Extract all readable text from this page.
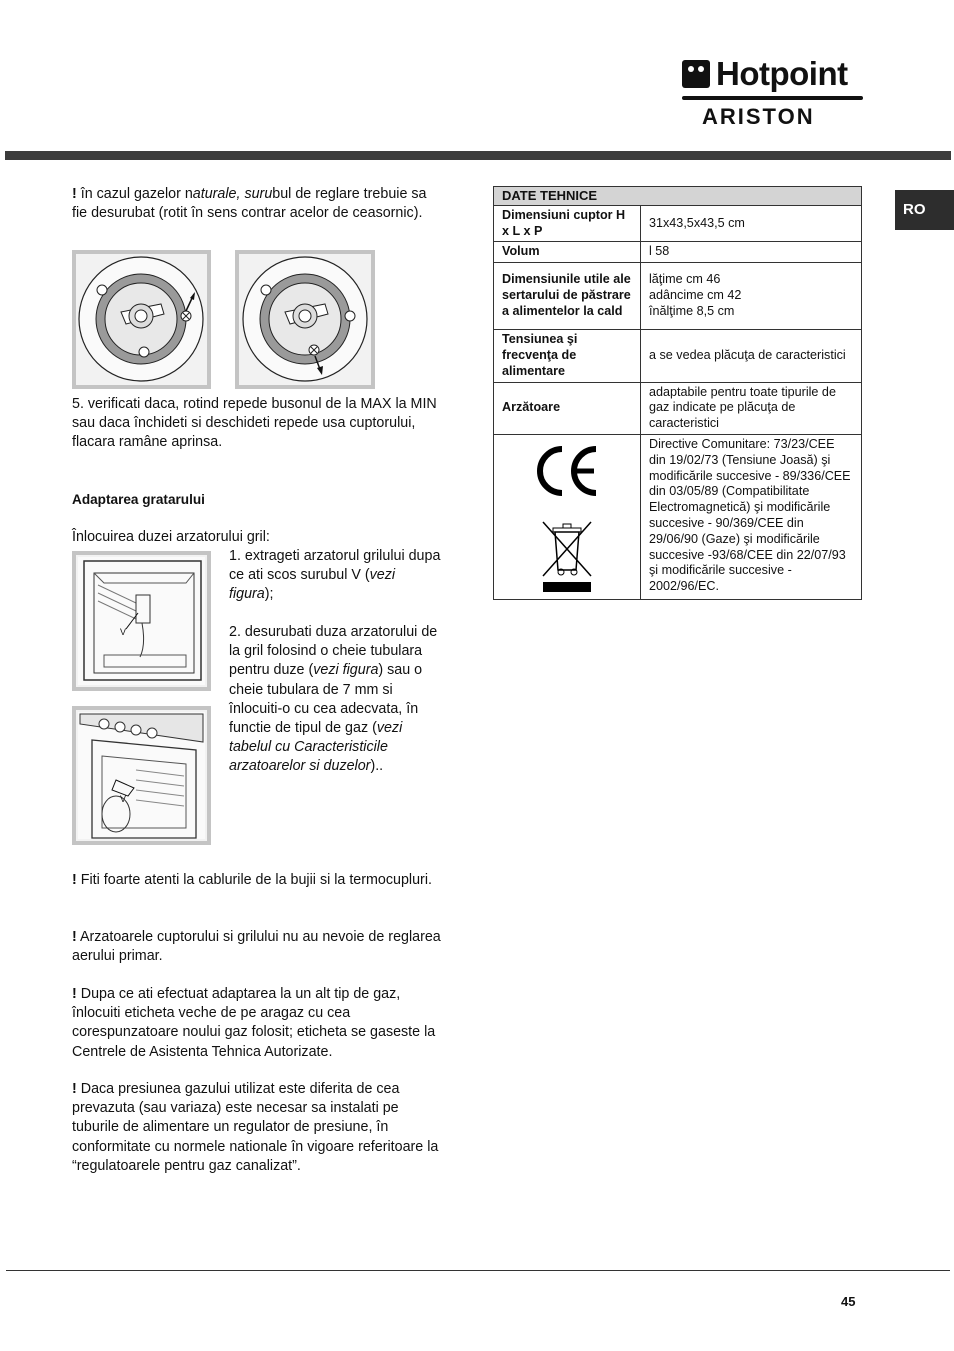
Hotpoint
ARISTON
RO
! în cazul gazelor naturale, surubul de reglare trebuie sa fie desurubat (rotit în sens contrar acelor de ceasornic).
5. verificati daca, rotind repede busonul de la MAX la MIN sau daca închideti si deschideti repede usa cuptorului, flacara ramâne aprinsa.
Adaptarea gratarului
Înlocuirea duzei arzatorului gril:
V
V
1. extrageti arzatorul grilului dupa ce ati scos surubul V (vezi figura);
2. desurubati duza arzatorului de la gril folosind o cheie tubulara pentru duze (vezi figura) sau o cheie tubulara de 7 mm si înlocuiti-o cu cea adecvata, în functie de tipul de gaz (vezi tabelul cu Caracteristicile arzatoarelor si duzelor)..
! Fiti foarte atenti la cablurile de la bujii si la termocupluri.
! Arzatoarele cuptorului si grilului nu au nevoie de reglarea aerului primar.
! Dupa ce ati efectuat adaptarea la un alt tip de gaz, înlocuiti eticheta veche de pe aragaz cu cea corespunzatoare noului gaz folosit; eticheta se gaseste la Centrele de Asistenta Tehnica Autorizate.
! Daca presiunea gazului utilizat este diferita de cea prevazuta (sau variaza) este necesar sa instalati pe tuburile de alimentare un regulator de presiune, în conformitate cu normele nationale în vigoare referitoare la “regulatoarele pentru gaz canalizat”.
DATE TEHNICE	
Dimensiuni cuptor H x L x P	31x43,5x43,5 cm
Volum	l 58
Dimensiunile utile ale sertarului de păstrare a alimentelor la cald	lăţime cm 46
adâncime cm 42
înălţime 8,5 cm
Tensiunea şi frecvenţa de alimentare	a se vedea plăcuţa de caracteristici
Arzătoare	adaptabile pentru toate tipurile de gaz indicate pe plăcuţa de caracteristici

	Directive Comunitare: 73/23/CEE din 19/02/73 (Tensiune Joasă) şi modificările succesive - 89/336/CEE din 03/05/89 (Compatibilitate Electromagnetică) şi modificările succesive - 90/369/CEE din 29/06/90 (Gaze) şi modificările succesive -93/68/CEE din 22/07/93 şi modificările succesive - 2002/96/EC.
45
